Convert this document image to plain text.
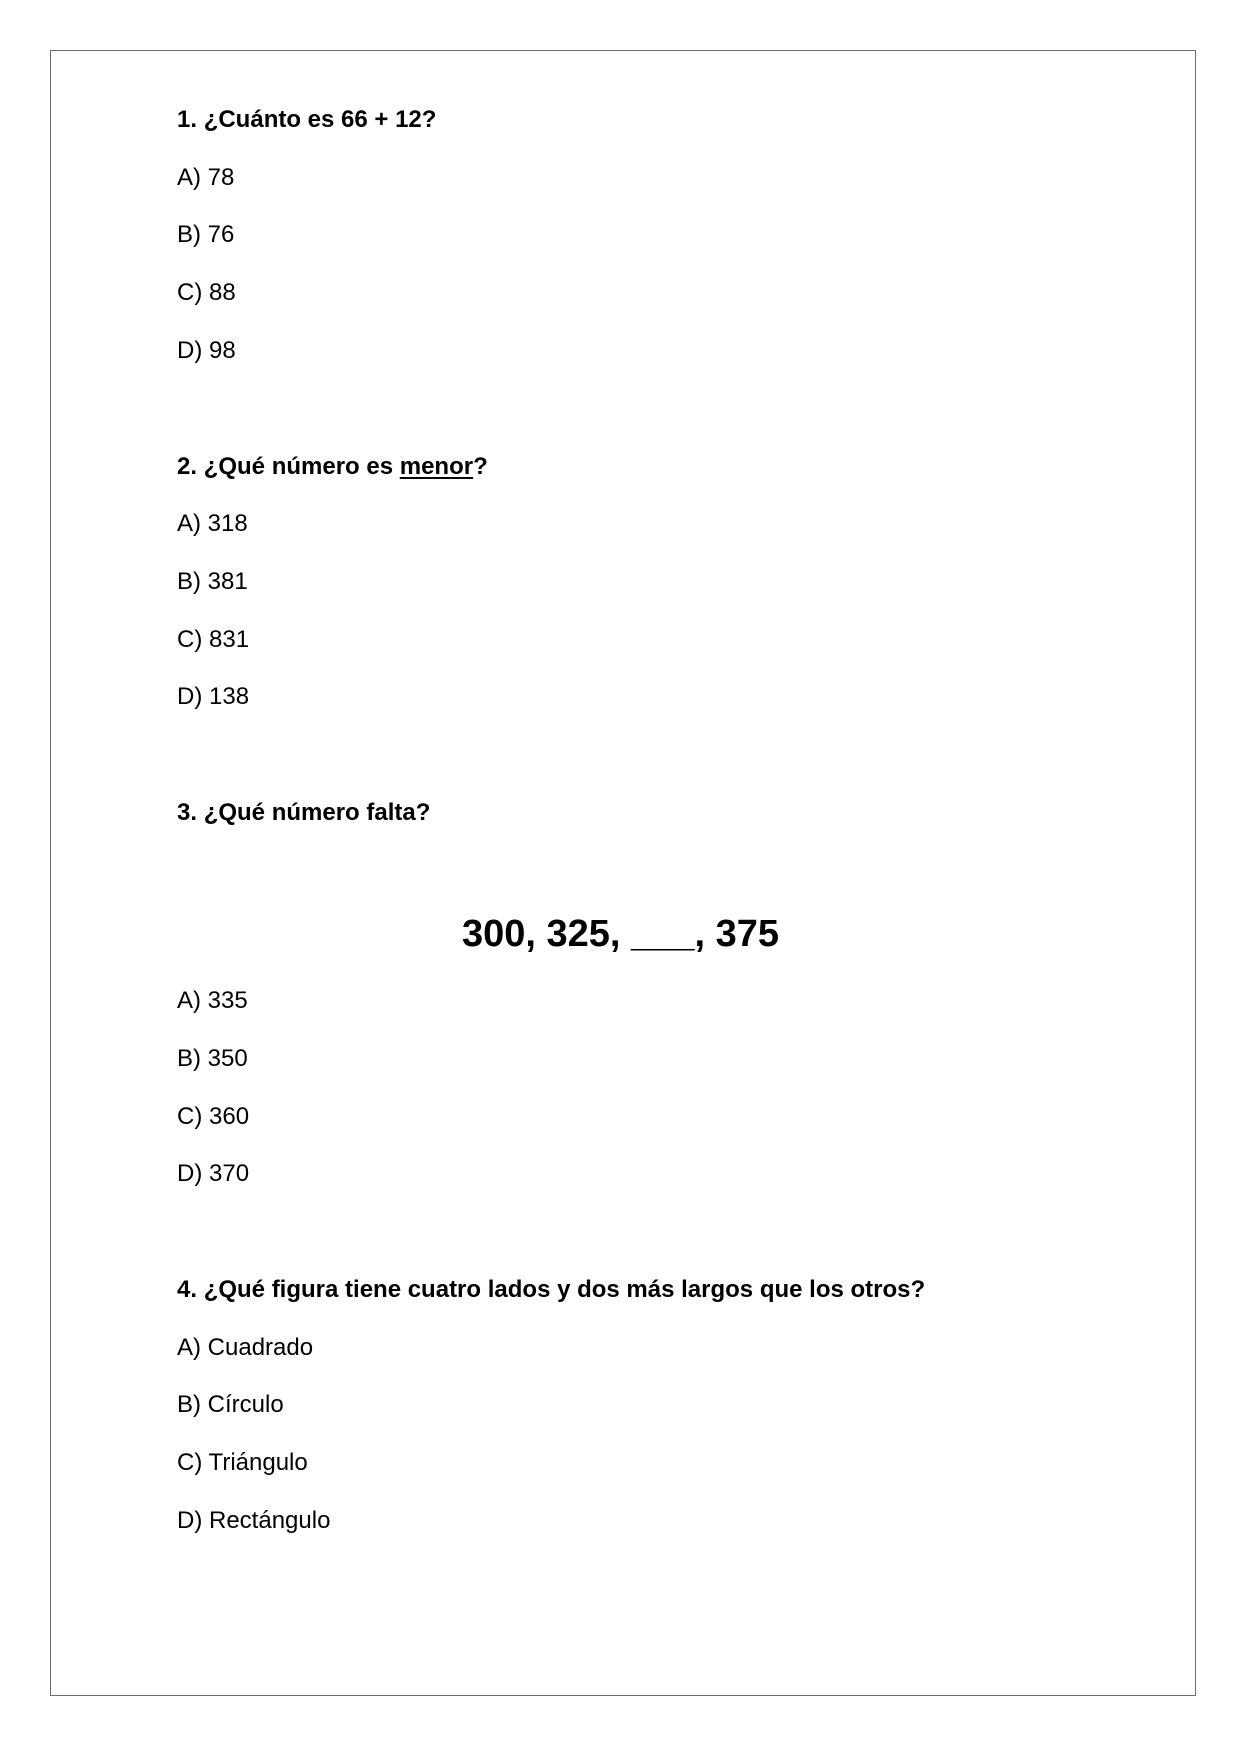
1. ¿Cuánto es 66 + 12?
A) 78
B) 76
C) 88
D) 98
2. ¿Qué número es menor?
A) 318
B) 381
C) 831
D) 138
3. ¿Qué número falta?
300, 325, ___, 375
A) 335
B) 350
C) 360
D) 370
4. ¿Qué figura tiene cuatro lados y dos más largos que los otros?
A) Cuadrado
B) Círculo
C) Triángulo
D) Rectángulo
